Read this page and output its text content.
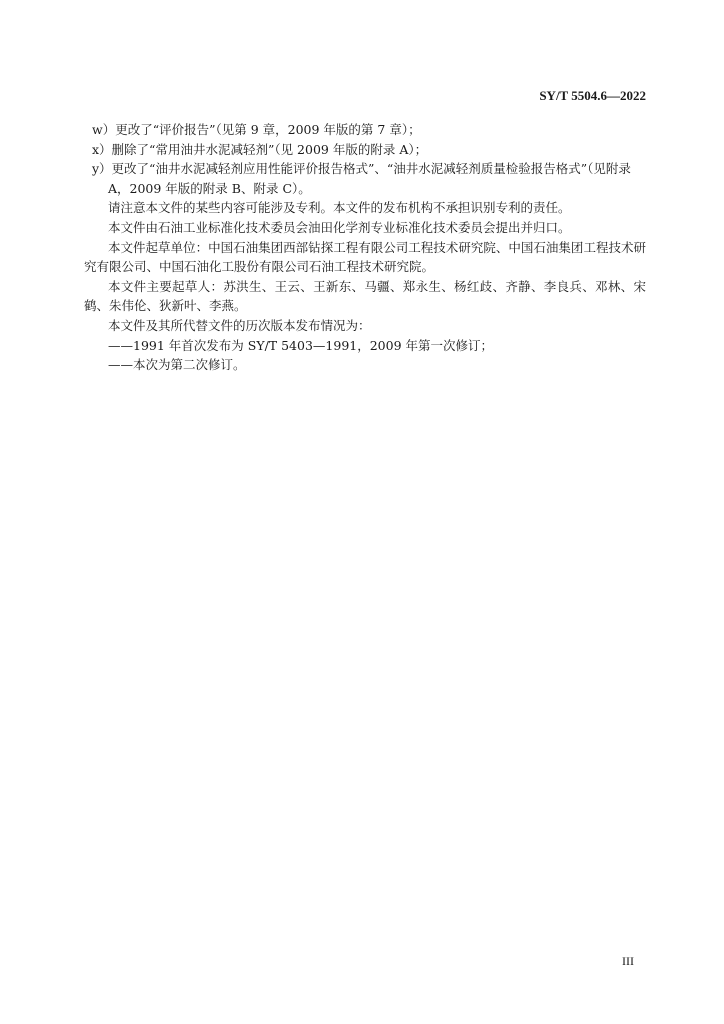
SY/T 5504.6—2022

w）更改了“评价报告”（见第 9 章，2009 年版的第 7 章）；

x）删除了“常用油井水泥减轻剂”（见 2009 年版的附录 A）；

y）更改了“油井水泥减轻剂应用性能评价报告格式”、“油井水泥减轻剂质量检验报告格式”（见附录 A，2009 年版的附录 B、附录 C）。

请注意本文件的某些内容可能涉及专利。本文件的发布机构不承担识别专利的责任。

本文件由石油工业标准化技术委员会油田化学剂专业标准化技术委员会提出并归口。

本文件起草单位：中国石油集团西部钻探工程有限公司工程技术研究院、中国石油集团工程技术研究有限公司、中国石油化工股份有限公司石油工程技术研究院。

本文件主要起草人：苏洪生、王云、王新东、马疆、郑永生、杨红歧、齐静、李良兵、邓林、宋鹤、朱伟伦、狄新叶、李燕。

本文件及其所代替文件的历次版本发布情况为：

——1991 年首次发布为 SY/T 5403—1991，2009 年第一次修订；

——本次为第二次修订。

III
